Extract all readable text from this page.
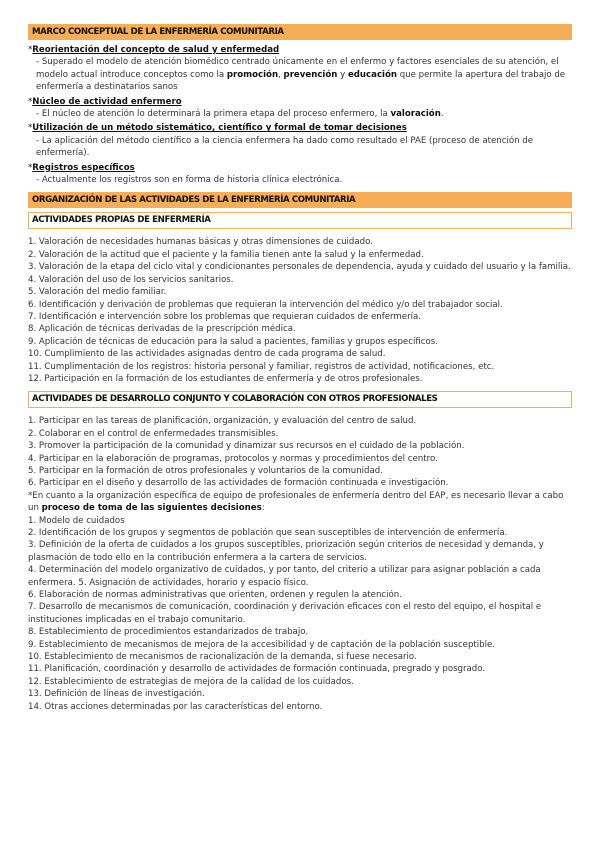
MARCO CONCEPTUAL DE LA ENFERMERÍA COMUNITARIA
*Reorientación del concepto de salud y enfermedad

- Superado el modelo de atención biomédico centrado únicamente en el enfermo y factores esenciales de su atención, el modelo actual introduce conceptos como la promoción, prevención y educación que permite la apertura del trabajo de enfermería a destinatarios sanos

*Núcleo de actividad enfermero

- El núcleo de atención lo determinará la primera etapa del proceso enfermero, la valoración.

*Utilización de un método sistemático, científico y formal de tomar decisiones

- La aplicación del método científico a la ciencia enfermera ha dado como resultado el PAE (proceso de atención de enfermería).

*Registros específicos

- Actualmente los registros son en forma de historia clínica electrónica.

ORGANIZACIÓN DE LAS ACTIVIDADES DE LA ENFERMERÍA COMUNITARIA
ACTIVIDADES PROPIAS DE ENFERMERÍA
1. Valoración de necesidades humanas básicas y otras dimensiones de cuidado.
2. Valoración de la actitud que el paciente y la familia tienen ante la salud y la enfermedad.
3. Valoración de la etapa del ciclo vital y condicionantes personales de dependencia, ayuda y cuidado del usuario y la familia.
4. Valoración del uso de los servicios sanitarios.
5. Valoración del medio familiar.
6. Identificación y derivación de problemas que requieran la intervención del médico y/o del trabajador social.
7. Identificación e intervención sobre los problemas que requieran cuidados de enfermería.
8. Aplicación de técnicas derivadas de la prescripción médica.
9. Aplicación de técnicas de educación para la salud a pacientes, familias y grupos específicos.
10. Cumplimiento de las actividades asignadas dentro de cada programa de salud.
11. Cumplimentación de los registros: historia personal y familiar, registros de actividad, notificaciones, etc.
12. Participación en la formación de los estudiantes de enfermería y de otros profesionales.
ACTIVIDADES DE DESARROLLO CONJUNTO Y COLABORACIÓN CON OTROS PROFESIONALES
1. Participar en las tareas de planificación, organización, y evaluación del centro de salud.
2. Colaborar en el control de enfermedades transmisibles.
3. Promover la participación de la comunidad y dinamizar sus recursos en el cuidado de la población.
4. Participar en la elaboración de programas, protocolos y normas y procedimientos del centro.
5. Participar en la formación de otros profesionales y voluntarios de la comunidad.
6. Participar en el diseño y desarrollo de las actividades de formación continuada e investigación.

*En cuanto a la organización específica de equipo de profesionales de enfermería dentro del EAP, es necesario llevar a cabo un proceso de toma de las siguientes decisiones:

1. Modelo de cuidados
2. Identificación de los grupos y segmentos de población que sean susceptibles de intervención de enfermería.
3. Definición de la oferta de cuidados a los grupos susceptibles, priorización según criterios de necesidad y demanda, y plasmación de todo ello en la contribución enfermera a la cartera de servicios.
4. Determinación del modelo organizativo de cuidados, y por tanto, del criterio a utilizar para asignar población a cada enfermera. 5. Asignación de actividades, horario y espacio físico.
6. Elaboración de normas administrativas que orienten, ordenen y regulen la atención.
7. Desarrollo de mecanismos de comunicación, coordinación y derivación eficaces con el resto del equipo, el hospital e instituciones implicadas en el trabajo comunitario.
8. Establecimiento de procedimientos estandarizados de trabajo.
9. Establecimiento de mecanismos de mejora de la accesibilidad y de captación de la población susceptible.
10. Establecimiento de mecanismos de racionalización de la demanda, si fuese necesario.
11. Planificación, coordinación y desarrollo de actividades de formación continuada, pregrado y posgrado.
12. Establecimiento de estrategias de mejora de la calidad de los cuidados.
13. Definición de líneas de investigación.
14. Otras acciones determinadas por las características del entorno.
